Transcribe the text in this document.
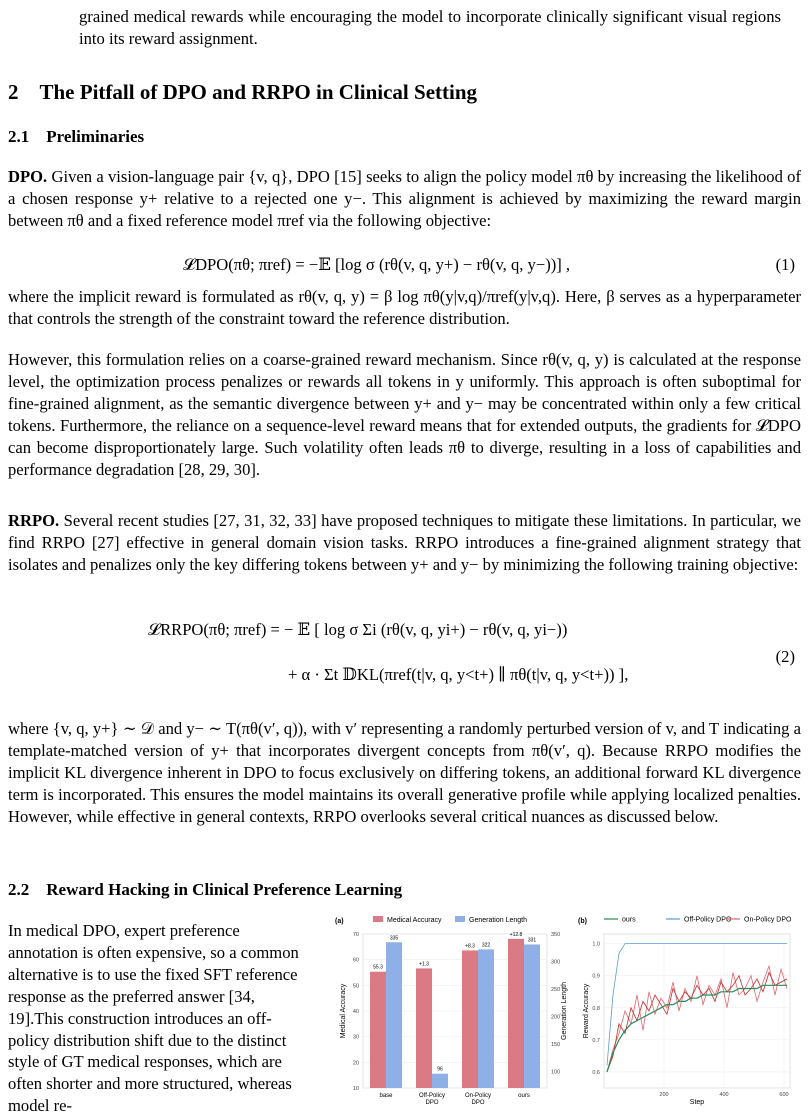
grained medical rewards while encouraging the model to incorporate clinically significant visual regions into its reward assignment.

2 The Pitfall of DPO and RRPO in Clinical Setting
2.1 Preliminaries

DPO. Given a vision-language pair {v, q}, DPO [15] seeks to align the policy model πθ by increasing the likelihood of a chosen response y+ relative to a rejected one y−. This alignment is achieved by maximizing the reward margin between πθ and a fixed reference model πref via the following objective:

𝓛DPO(πθ; πref) = −𝔼 [log σ (rθ(v, q, y+) − rθ(v, q, y−))] ,	(1)

where the implicit reward is formulated as rθ(v, q, y) = β log πθ(y|v,q)/πref(y|v,q). Here, β serves as a hyperparameter that controls the strength of the constraint toward the reference distribution.

However, this formulation relies on a coarse-grained reward mechanism. Since rθ(v, q, y) is calculated at the response level, the optimization process penalizes or rewards all tokens in y uniformly. This approach is often suboptimal for fine-grained alignment, as the semantic divergence between y+ and y− may be concentrated within only a few critical tokens. Furthermore, the reliance on a sequence-level reward means that for extended outputs, the gradients for 𝓛DPO can become disproportionately large. Such volatility often leads πθ to diverge, resulting in a loss of capabilities and performance degradation [28, 29, 30].

RRPO. Several recent studies [27, 31, 32, 33] have proposed techniques to mitigate these limitations. In particular, we find RRPO [27] effective in general domain vision tasks. RRPO introduces a fine-grained alignment strategy that isolates and penalizes only the key differing tokens between y+ and y− by minimizing the following training objective:

𝓛RRPO(πθ; πref) = − 𝔼 [ log σ Σi (rθ(v, q, yi+) − rθ(v, q, yi−))
+ α · Σt 𝔻KL(πref(t|v, q, y<t+) ∥ πθ(t|v, q, y<t+)) ],
(2)

where {v, q, y+} ∼ 𝒟 and y− ∼ T(πθ(v′, q)), with v′ representing a randomly perturbed version of v, and T indicating a template-matched version of y+ that incorporates divergent concepts from πθ(v′, q). Because RRPO modifies the implicit KL divergence inherent in DPO to focus exclusively on differing tokens, an additional forward KL divergence term is incorporated. This ensures the model maintains its overall generative profile while applying localized penalties. However, while effective in general contexts, RRPO overlooks several critical nuances as discussed below.

2.2 Reward Hacking in Clinical Preference Learning

In medical DPO, expert preference annotation is often expensive, so a common alternative is to use the fixed SFT reference response as the preferred answer [34, 19].This construction introduces an off-policy distribution shift due to the distinct style of GT medical responses, which are often shorter and more structured, whereas model re-

(a)	Medical Accuracy	Generation Length
10
20
30
40
50
60
70
100
150
200
250
300
350
Medical Accuracy	Generation Length
55.3
335
base
+1.3
96
Off-Policy
DPO
+8.3 322
On-Policy
DPO
+12.8
331
ours
(b)	ours	Off-Policy DPO On-Policy DPO
0.6
0.7
0.8
0.9
1.0
200	400	600
Step
Reward Accuracy
